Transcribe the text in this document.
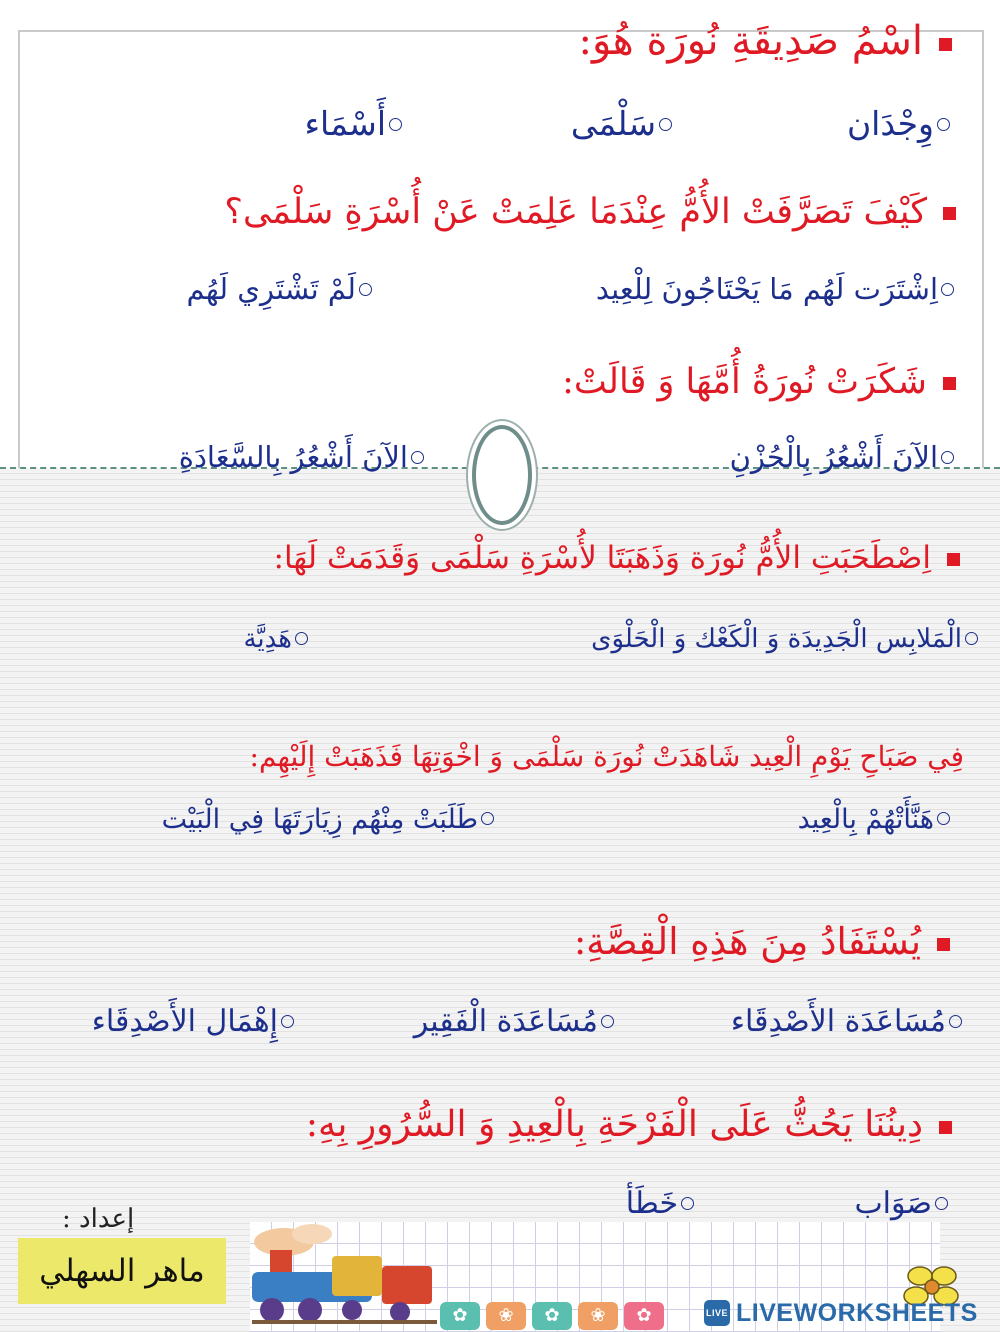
اسْمُ صَدِيقَةِ نُورَة هُوَ:
وِجْدَان
سَلْمَى
أَسْمَاء
كَيْفَ تَصَرَّفَتْ الأُمُّ عِنْدَمَا عَلِمَتْ عَنْ أُسْرَةِ سَلْمَى؟
اِشْتَرَت لَهُم مَا يَحْتَاجُونَ لِلْعِيد
لَمْ تَشْتَرِي لَهُم
شَكَرَتْ نُورَةُ أُمَّهَا وَ قَالَتْ:
الآنَ أَشْعُرُ بِالْحُزْنِ
الآنَ أَشْعُرُ بِالسَّعَادَةِ
اِصْطَحَبَتِ الأُمُّ نُورَة وَذَهَبَتَا لأُسْرَةِ سَلْمَى وَقَدَمَتْ لَهَا:
الْمَلابِس الْجَدِيدَة وَ الْكَعْك وَ الْحَلْوَى
هَدِيَّة
فِي صَبَاحِ يَوْمِ الْعِيد شَاهَدَتْ نُورَة سَلْمَى وَ اخْوَتِهَا فَذَهَبَتْ إِلَيْهِم:
هَنَّأَتْهُمْ بِالْعِيد
طَلَبَتْ مِنْهُم زِيَارَتَهَا فِي الْبَيْت
يُسْتَفَادُ مِنَ هَذِهِ الْقِصَّةِ:
مُسَاعَدَة الأَصْدِقَاء
مُسَاعَدَة الْفَقِير
إِهْمَال الأَصْدِقَاء
دِينُنَا يَحُثُّ عَلَى الْفَرْحَةِ بِالْعِيدِ وَ السُّرُورِ بِهِ:
صَوَاب
خَطَأ
إعداد :
ماهر السهلي
✿	❀	✿	❀	✿	LIVE LIVEWORKSHEETS
